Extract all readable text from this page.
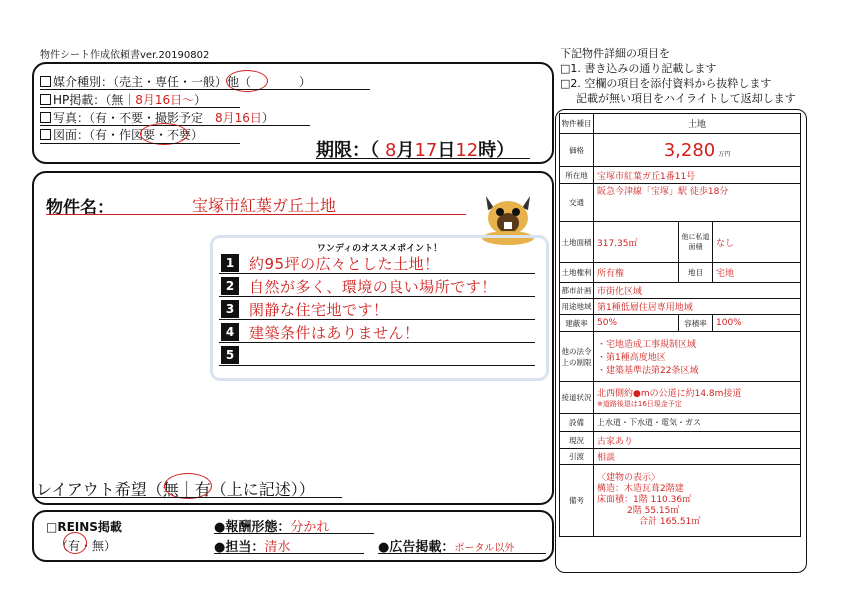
物件シート作成依頼書ver.20190802
媒介種別：（売主・専任・一般）他（　　　　）
HP掲載：（無｜8月16日〜）
写真：（有・不要・撮影予定　 8月16日）
図面：（有・作図要・不要）
期限：（ 8月17日12時）
物件名：	宝塚市紅葉ガ丘土地
ワンディのオススメポイント！
1 約95坪の広々とした土地！
2 自然が多く、環境の良い場所です！
3 閑静な住宅地です！
4 建築条件はありません！
5
レイアウト希望（無｜有（上に記述））
□REINS掲載
（有・無）
●報酬形態：分かれ
●担当：清水	●広告掲載：ポータル以外
下記物件詳細の項目を
□1. 書き込みの通り記載します
□2. 空欄の項目を添付資料から抜粋します
記載が無い項目をハイライトして返却します
物件種目	土地		
価格	3,280 万円		
所在地	宝塚市紅葉ガ丘1番11号		
交通	阪急今津線「宝塚」駅 徒歩18分		
土地面積	317.35㎡	他に私道面積	なし
土地権利	所有権	地目	宅地
都市計画	市街化区域		
用途地域	第1種低層住居専用地域		
建蔽率	50%	容積率	100%
他の法令上の制限	・宅地造成工事規制区域
・第1種高度地区
・建築基準法第22条区域		

接道状況	北西側約●mの公道に約14.8m接道
※道路後退は16日現金予定		

設備	上水道・下水道・電気・ガス		
現況	古家あり		
引渡	相談		
備考	〈建物の表示〉
構造：木造瓦葺2階建
床面積：1階 110.36㎡
2階 55.15㎡
合計 165.51㎡		
